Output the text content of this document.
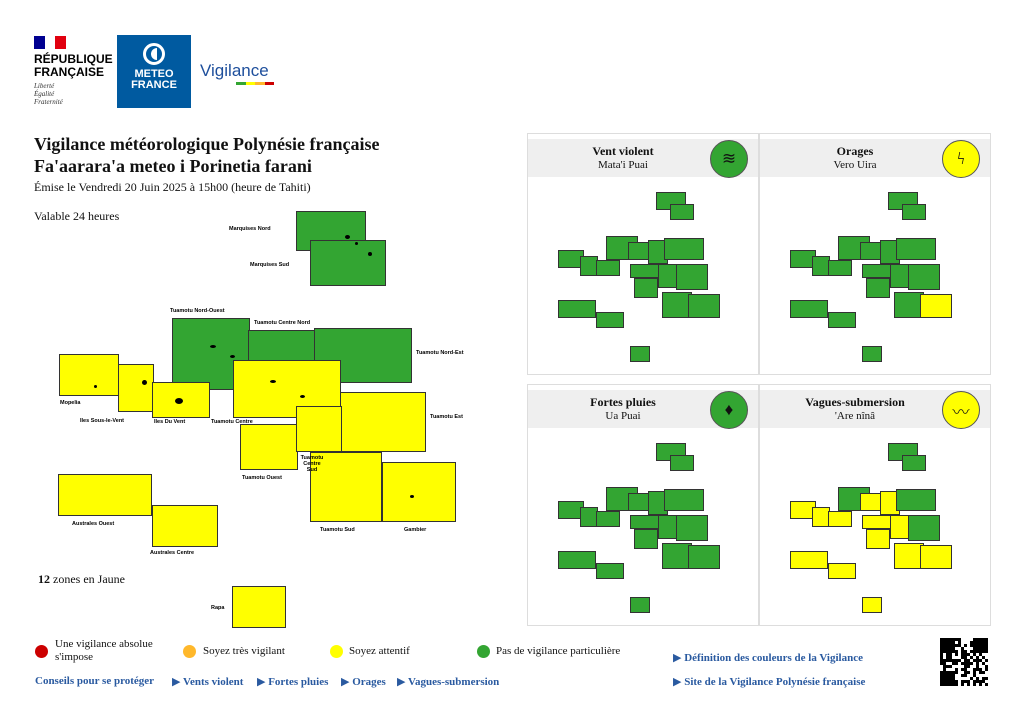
RÉPUBLIQUE FRANÇAISE
Liberté
Égalité
Fraternité
METEO
FRANCE
Vigilance
Vigilance météorologique Polynésie française
Fa'aarara'a meteo i Porinetia farani
Émise le Vendredi 20 Juin 2025 à 15h00 (heure de Tahiti)
Valable 24 heures
Marquises Nord
Marquises Sud
Tuamotu Nord-Ouest
Tuamotu Centre Nord
Tuamotu Nord-Est
Mopelia
Iles Sous-le-Vent	Iles Du Vent	Tuamotu Centre
Tuamotu Est
Tuamotu Ouest
Tuamotu Centre Sud
Tuamotu Sud	Gambier
Australes Ouest
Australes Centre
Rapa
12 zones en Jaune
Vent violent
Mata'i Puai	≋	Orages
Vero Uira	ϟ
Fortes pluies
Ua Puai	♦	Vagues-submersion
'Are nînâ	〰
Une vigilance absolue s'impose	Soyez très vigilant	Soyez attentif	Pas de vigilance particulière
Conseils pour se protéger ▶ Vents violent ▶ Fortes pluies ▶ Orages ▶ Vagues-submersion
▶ Définition des couleurs de la Vigilance
▶ Site de la Vigilance Polynésie française
